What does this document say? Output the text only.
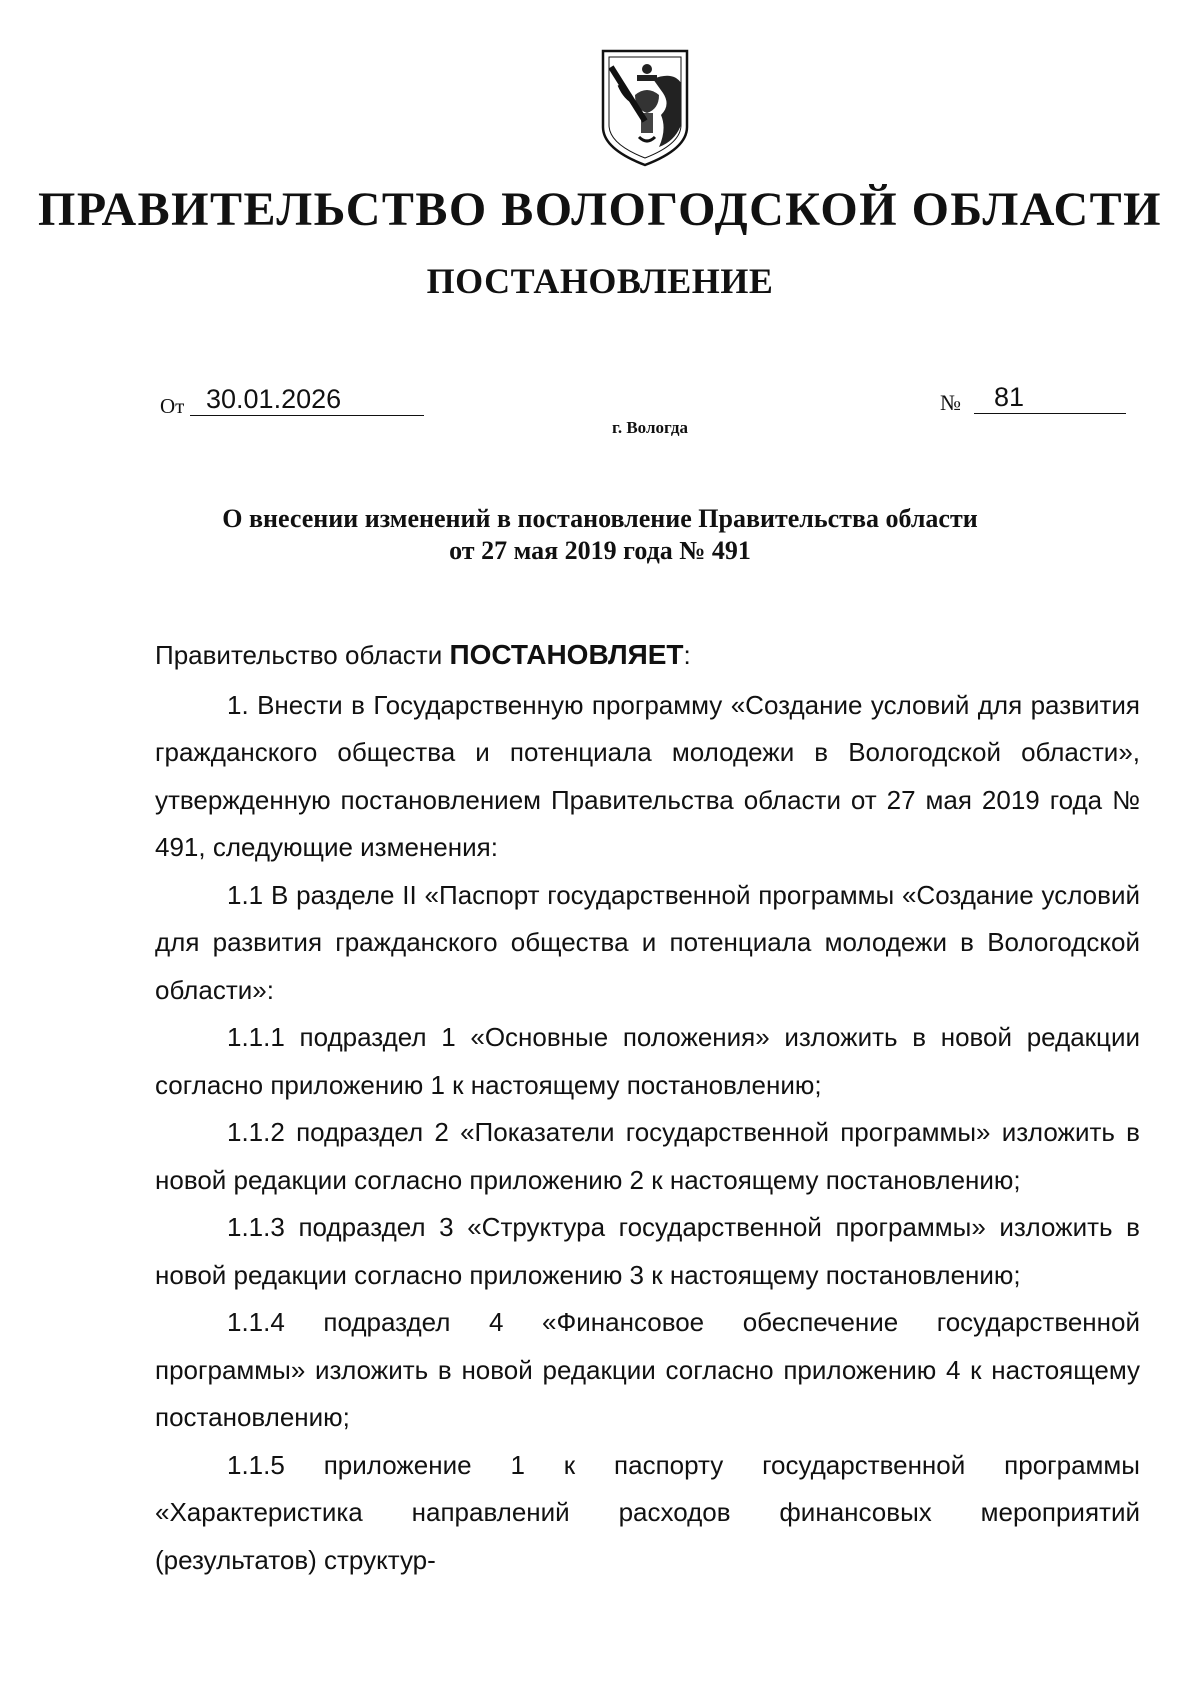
ПРАВИТЕЛЬСТВО ВОЛОГОДСКОЙ ОБЛАСТИ
ПОСТАНОВЛЕНИЕ
От 30.01.2026	№	81
г. Вологда
О внесении изменений в постановление Правительства области
от 27 мая 2019 года № 491

Правительство области ПОСТАНОВЛЯЕТ:

1. Внести в Государственную программу «Создание условий для развития гражданского общества и потенциала молодежи в Вологодской области», утвержденную постановлением Правительства области от 27 мая 2019 года № 491, следующие изменения:

1.1 В разделе II «Паспорт государственной программы «Создание условий для развития гражданского общества и потенциала молодежи в Вологодской области»:

1.1.1 подраздел 1 «Основные положения» изложить в новой редакции согласно приложению 1 к настоящему постановлению;

1.1.2 подраздел 2 «Показатели государственной программы» изложить в новой редакции согласно приложению 2 к настоящему постановлению;

1.1.3 подраздел 3 «Структура государственной программы» изложить в новой редакции согласно приложению 3 к настоящему постановлению;

1.1.4 подраздел 4 «Финансовое обеспечение государственной программы» изложить в новой редакции согласно приложению 4 к настоящему постановлению;

1.1.5 приложение 1 к паспорту государственной программы «Характеристика направлений расходов финансовых мероприятий (результатов) структур-
